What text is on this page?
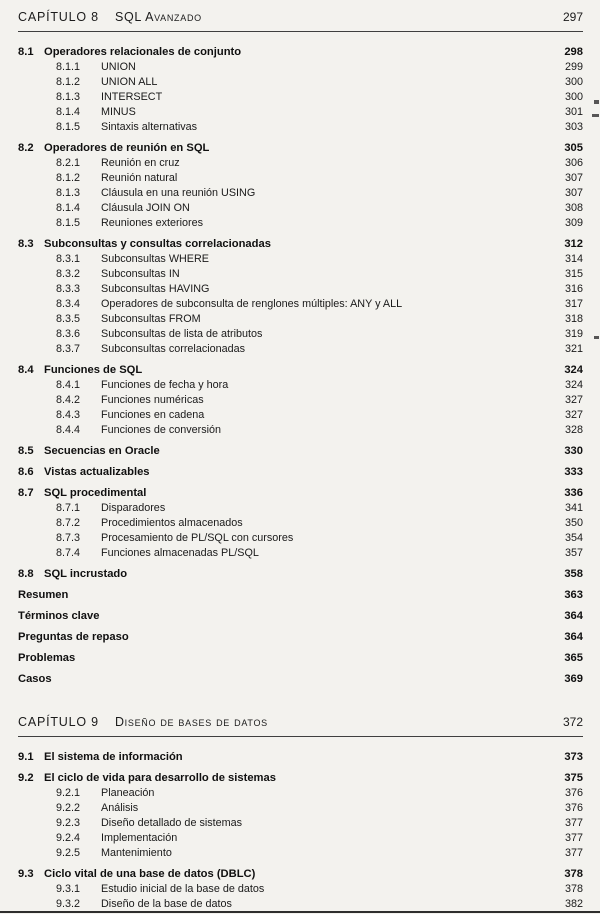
CAPÍTULO 8 SQL Avanzado	297
8.1 Operadores relacionales de conjunto	298
8.1.1	UNION	299
8.1.2	UNION ALL	300
8.1.3	INTERSECT	300
8.1.4	MINUS	301
8.1.5	Sintaxis alternativas	303
8.2 Operadores de reunión en SQL	305
8.2.1	Reunión en cruz	306
8.1.2	Reunión natural	307
8.1.3	Cláusula en una reunión USING	307
8.1.4	Cláusula JOIN ON	308
8.1.5	Reuniones exteriores	309
8.3 Subconsultas y consultas correlacionadas	312
8.3.1	Subconsultas WHERE	314
8.3.2	Subconsultas IN	315
8.3.3	Subconsultas HAVING	316
8.3.4	Operadores de subconsulta de renglones múltiples: ANY y ALL	317
8.3.5	Subconsultas FROM	318
8.3.6	Subconsultas de lista de atributos	319
8.3.7	Subconsultas correlacionadas	321
8.4 Funciones de SQL	324
8.4.1	Funciones de fecha y hora	324
8.4.2	Funciones numéricas	327
8.4.3	Funciones en cadena	327
8.4.4	Funciones de conversión	328
8.5 Secuencias en Oracle	330
8.6 Vistas actualizables	333
8.7 SQL procedimental	336
8.7.1	Disparadores	341
8.7.2	Procedimientos almacenados	350
8.7.3	Procesamiento de PL/SQL con cursores	354
8.7.4	Funciones almacenadas PL/SQL	357
8.8 SQL incrustado	358
Resumen	363
Términos clave	364
Preguntas de repaso	364
Problemas	365
Casos	369
CAPÍTULO 9 Diseño de bases de datos	372
9.1 El sistema de información	373
9.2 El ciclo de vida para desarrollo de sistemas	375
9.2.1	Planeación	376
9.2.2	Análisis	376
9.2.3	Diseño detallado de sistemas	377
9.2.4	Implementación	377
9.2.5	Mantenimiento	377
9.3 Ciclo vital de una base de datos (DBLC)	378
9.3.1	Estudio inicial de la base de datos	378
9.3.2	Diseño de la base de datos	382
